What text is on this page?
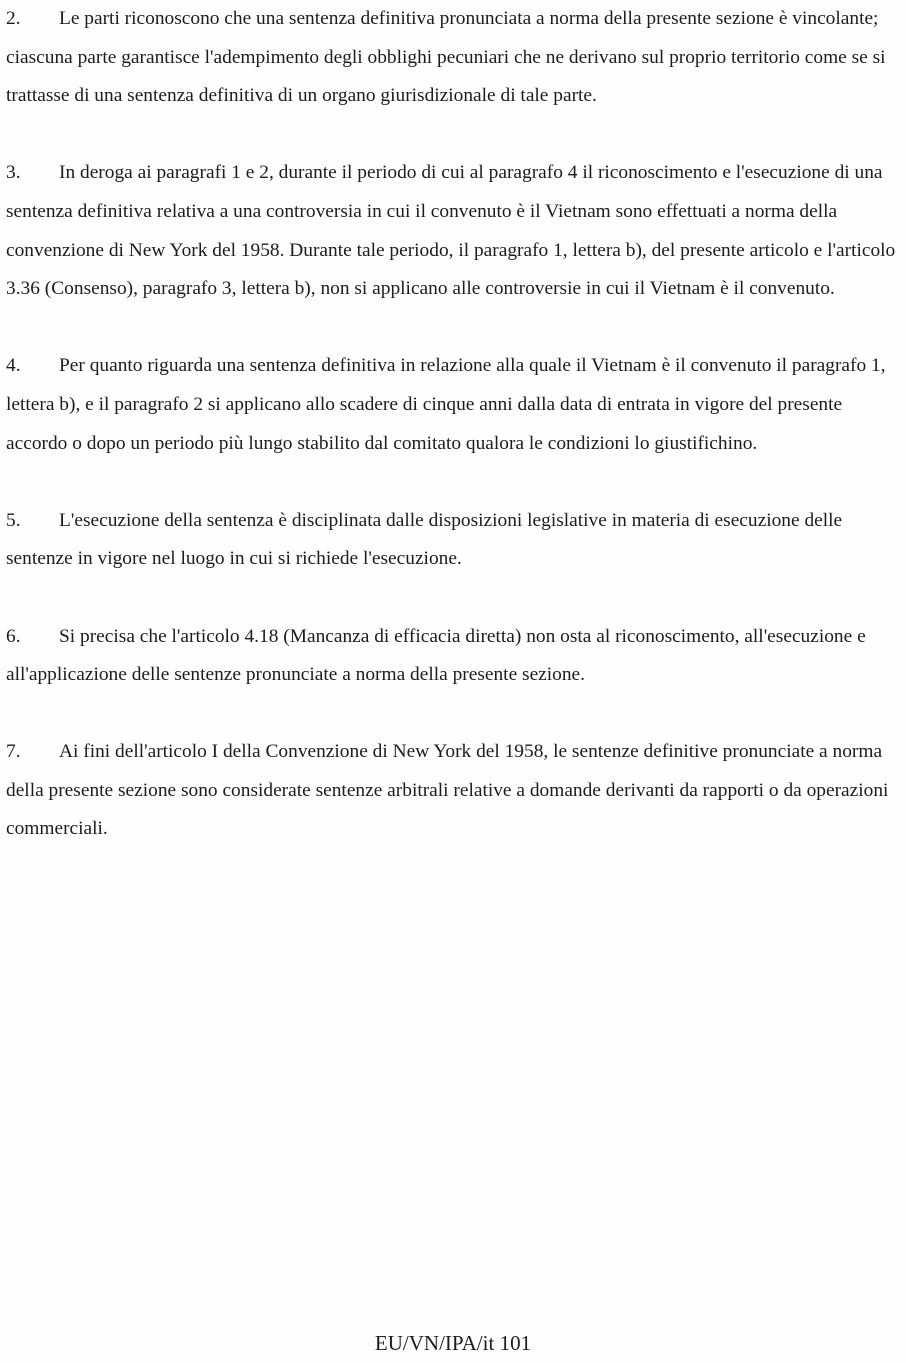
2. Le parti riconoscono che una sentenza definitiva pronunciata a norma della presente sezione è vincolante; ciascuna parte garantisce l'adempimento degli obblighi pecuniari che ne derivano sul proprio territorio come se si trattasse di una sentenza definitiva di un organo giurisdizionale di tale parte.

3. In deroga ai paragrafi 1 e 2, durante il periodo di cui al paragrafo 4 il riconoscimento e l'esecuzione di una sentenza definitiva relativa a una controversia in cui il convenuto è il Vietnam sono effettuati a norma della convenzione di New York del 1958. Durante tale periodo, il paragrafo 1, lettera b), del presente articolo e l'articolo 3.36 (Consenso), paragrafo 3, lettera b), non si applicano alle controversie in cui il Vietnam è il convenuto.

4. Per quanto riguarda una sentenza definitiva in relazione alla quale il Vietnam è il convenuto il paragrafo 1, lettera b), e il paragrafo 2 si applicano allo scadere di cinque anni dalla data di entrata in vigore del presente accordo o dopo un periodo più lungo stabilito dal comitato qualora le condizioni lo giustifichino.

5. L'esecuzione della sentenza è disciplinata dalle disposizioni legislative in materia di esecuzione delle sentenze in vigore nel luogo in cui si richiede l'esecuzione.

6. Si precisa che l'articolo 4.18 (Mancanza di efficacia diretta) non osta al riconoscimento, all'esecuzione e all'applicazione delle sentenze pronunciate a norma della presente sezione.

7. Ai fini dell'articolo I della Convenzione di New York del 1958, le sentenze definitive pronunciate a norma della presente sezione sono considerate sentenze arbitrali relative a domande derivanti da rapporti o da operazioni commerciali.

EU/VN/IPA/it 101
